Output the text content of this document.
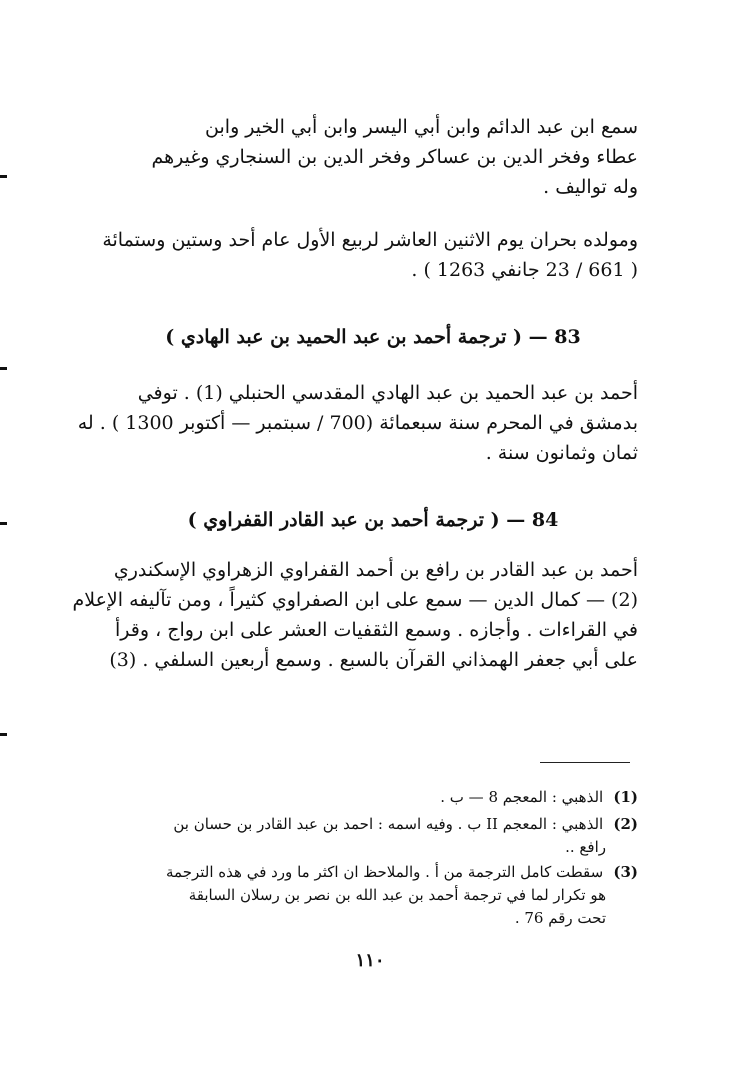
سمع ابن عبد الدائم وابن أبي اليسر وابن أبي الخير وابن
عطاء وفخر الدين بن عساكر وفخر الدين بن السنجاري وغيرهم
وله تواليف .
ومولده بحران يوم الاثنين العاشر لربيع الأول عام أحد وستين وستمائة
( 661 / 23 جانفي 1263 ) .
83 — ( ترجمة أحمد بن عبد الحميد بن عبد الهادي )
أحمد بن عبد الحميد بن عبد الهادي المقدسي الحنبلي (1) . توفي
بدمشق في المحرم سنة سبعمائة (700 / سبتمبر — أكتوبر 1300 ) . له
ثمان وثمانون سنة .
84 — ( ترجمة أحمد بن عبد القادر القفراوي )
أحمد بن عبد القادر بن رافع بن أحمد القفراوي الزهراوي الإسكندري
(2) — كمال الدين — سمع على ابن الصفراوي كثيراً ، ومن تآليفه الإعلام
في القراءات . وأجازه . وسمع الثقفيات العشر على ابن رواج ، وقرأ
على أبي جعفر الهمذاني القرآن بالسبع . وسمع أربعين السلفي . (3)
(1) الذهبي : المعجم 8 — ب .
(2) الذهبي : المعجم II ب . وفيه اسمه : احمد بن عبد القادر بن حسان بن
رافع ..
(3) سقطت كامل الترجمة من أ . والملاحظ ان اكثر ما ورد في هذه الترجمة
هو تكرار لما في ترجمة أحمد بن عبد الله بن نصر بن رسلان السابقة
تحت رقم 76 .
١١٠
